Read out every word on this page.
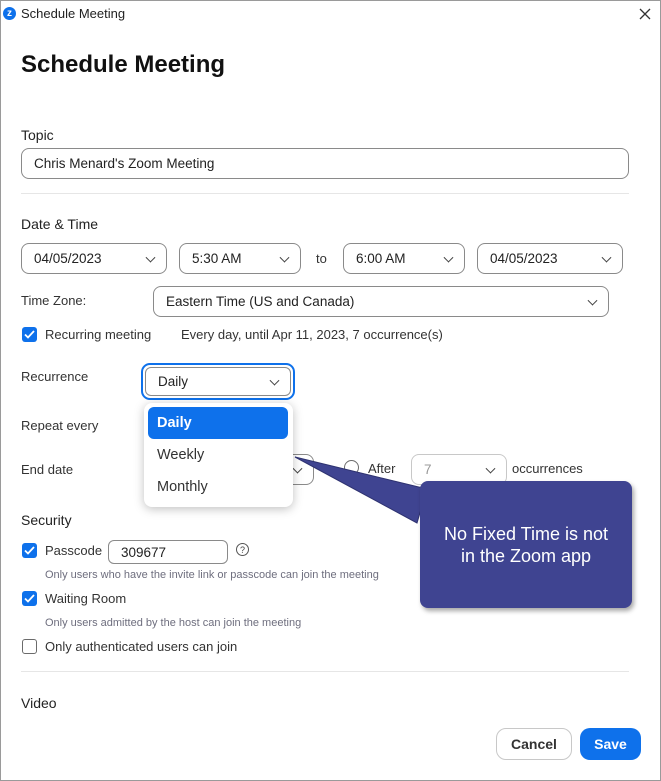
z Schedule Meeting
Schedule Meeting
Topic
Chris Menard's Zoom Meeting
Date & Time
04/05/2023	5:30 AM	to 6:00 AM	04/05/2023
Time Zone:	Eastern Time (US and Canada)
Recurring meeting Every day, until Apr 11, 2023, 7 occurrence(s)
Recurrence	Daily
Repeat every
End date	After 7	occurrences
Security
Passcode 309677	?
Only users who have the invite link or passcode can join the meeting
Waiting Room
Only users admitted by the host can join the meeting
Only authenticated users can join
Video
Cancel	Save
Daily
Weekly
Monthly
No Fixed Time is not
in the Zoom app
